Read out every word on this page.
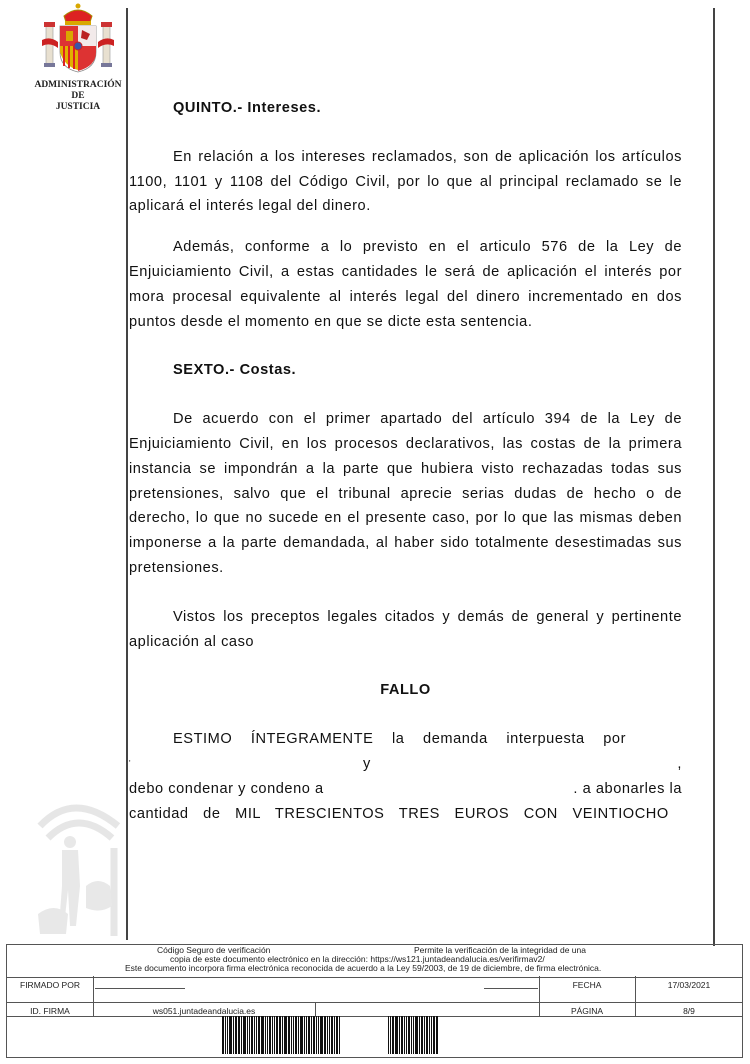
ADMINISTRACIÓN
DE
JUSTICIA	QUINTO.- Intereses.

En relación a los intereses reclamados, son de aplicación los artículos 1100, 1101 y 1108 del Código Civil, por lo que al principal reclamado se le aplicará el interés legal del dinero.

Además, conforme a lo previsto en el articulo 576 de la Ley de Enjuiciamiento Civil, a estas cantidades le será de aplicación el interés por mora procesal equivalente al interés legal del dinero incrementado en dos puntos desde el momento en que se dicte esta sentencia.

SEXTO.- Costas.

De acuerdo con el primer apartado del artículo 394 de la Ley de Enjuiciamiento Civil, en los procesos declarativos, las costas de la primera instancia se impondrán a la parte que hubiera visto rechazadas todas sus pretensiones, salvo que el tribunal aprecie serias dudas de hecho o de derecho, lo que no sucede en el presente caso, por lo que las mismas deben imponerse a la parte demandada, al haber sido totalmente desestimadas sus pretensiones.

Vistos los preceptos legales citados y demás de general y pertinente aplicación al caso

FALLO

ESTIMO ÍNTEGRAMENTE la demanda interpuesta por
'	y	,
debo condenar y condeno a	. a abonarles la
cantidad de MIL TRESCIENTOS TRES EUROS CON VEINTIOCHO
Código Seguro de verificación	Permite la verificación de la integridad de una
copia de este documento electrónico en la dirección: https://ws121.juntadeandalucia.es/verifirmav2/
Este documento incorpora firma electrónica reconocida de acuerdo a la Ley 59/2003, de 19 de diciembre, de firma electrónica.
FIRMADO POR	FECHA	17/03/2021
ID. FIRMA	ws051.juntadeandalucia.es	PÁGINA	8/9
